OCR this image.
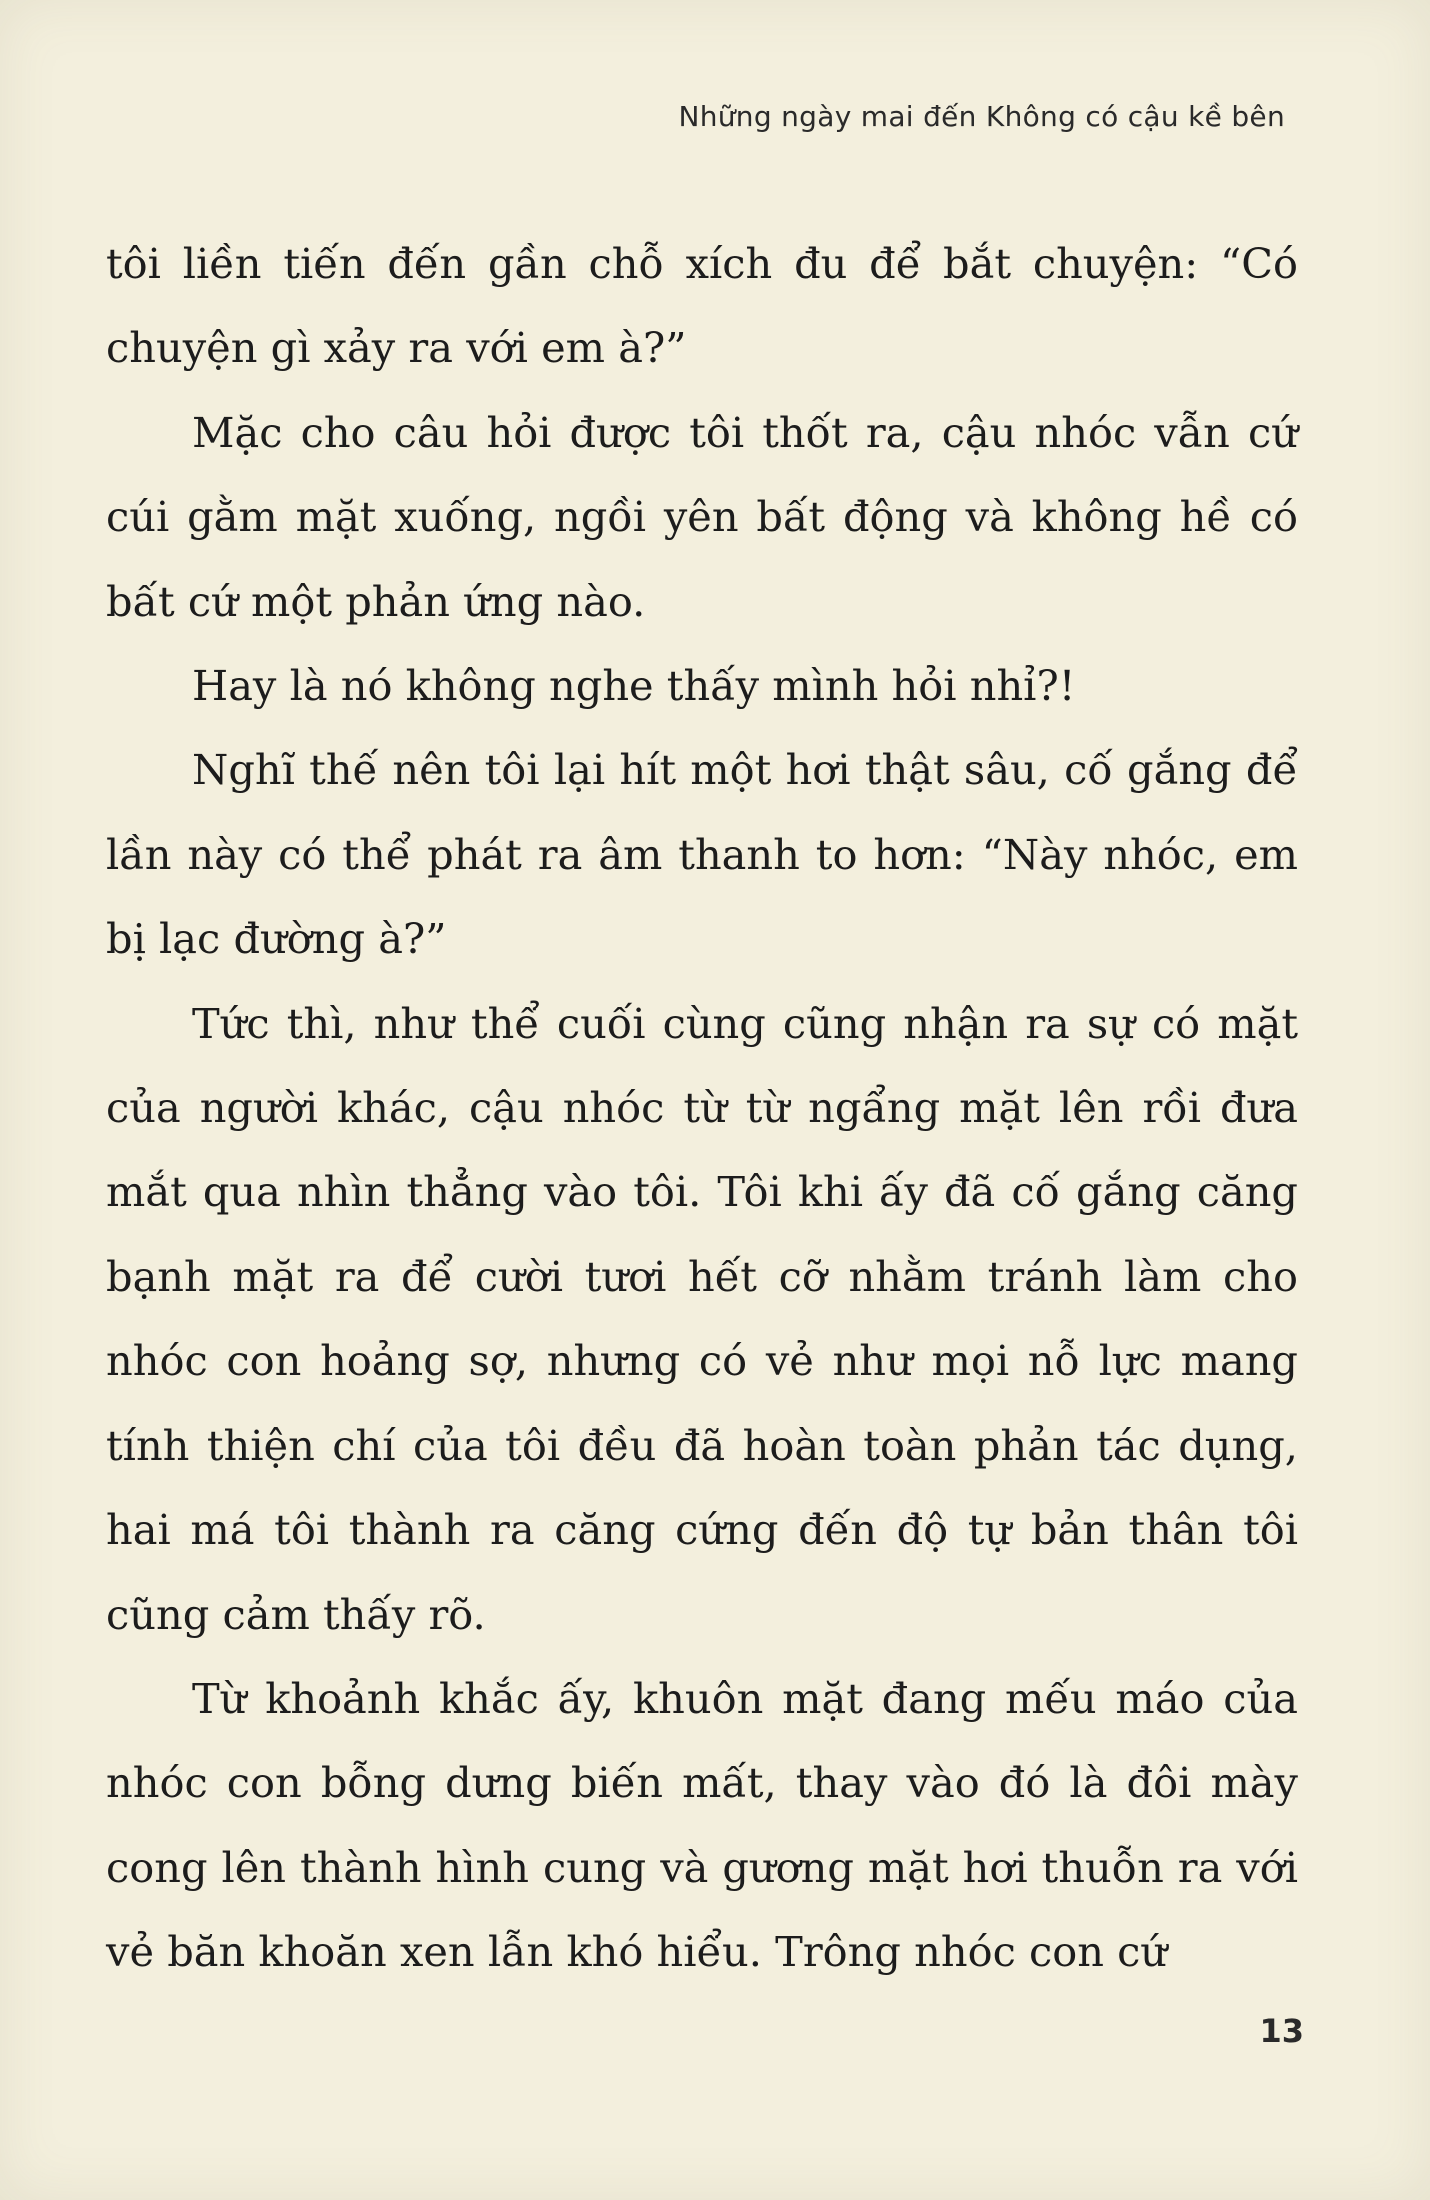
Những ngày mai đến Không có cậu kề bên

tôi liền tiến đến gần chỗ xích đu để bắt chuyện: “Có chuyện gì xảy ra với em à?”

Mặc cho câu hỏi được tôi thốt ra, cậu nhóc vẫn cứ cúi gằm mặt xuống, ngồi yên bất động và không hề có bất cứ một phản ứng nào.

Hay là nó không nghe thấy mình hỏi nhỉ?!

Nghĩ thế nên tôi lại hít một hơi thật sâu, cố gắng để lần này có thể phát ra âm thanh to hơn: “Này nhóc, em bị lạc đường à?”

Tức thì, như thể cuối cùng cũng nhận ra sự có mặt của người khác, cậu nhóc từ từ ngẩng mặt lên rồi đưa mắt qua nhìn thẳng vào tôi. Tôi khi ấy đã cố gắng căng bạnh mặt ra để cười tươi hết cỡ nhằm tránh làm cho nhóc con hoảng sợ, nhưng có vẻ như mọi nỗ lực mang tính thiện chí của tôi đều đã hoàn toàn phản tác dụng, hai má tôi thành ra căng cứng đến độ tự bản thân tôi cũng cảm thấy rõ.

Từ khoảnh khắc ấy, khuôn mặt đang mếu máo của nhóc con bỗng dưng biến mất, thay vào đó là đôi mày cong lên thành hình cung và gương mặt hơi thuỗn ra với vẻ băn khoăn xen lẫn khó hiểu. Trông nhóc con cứ

13
